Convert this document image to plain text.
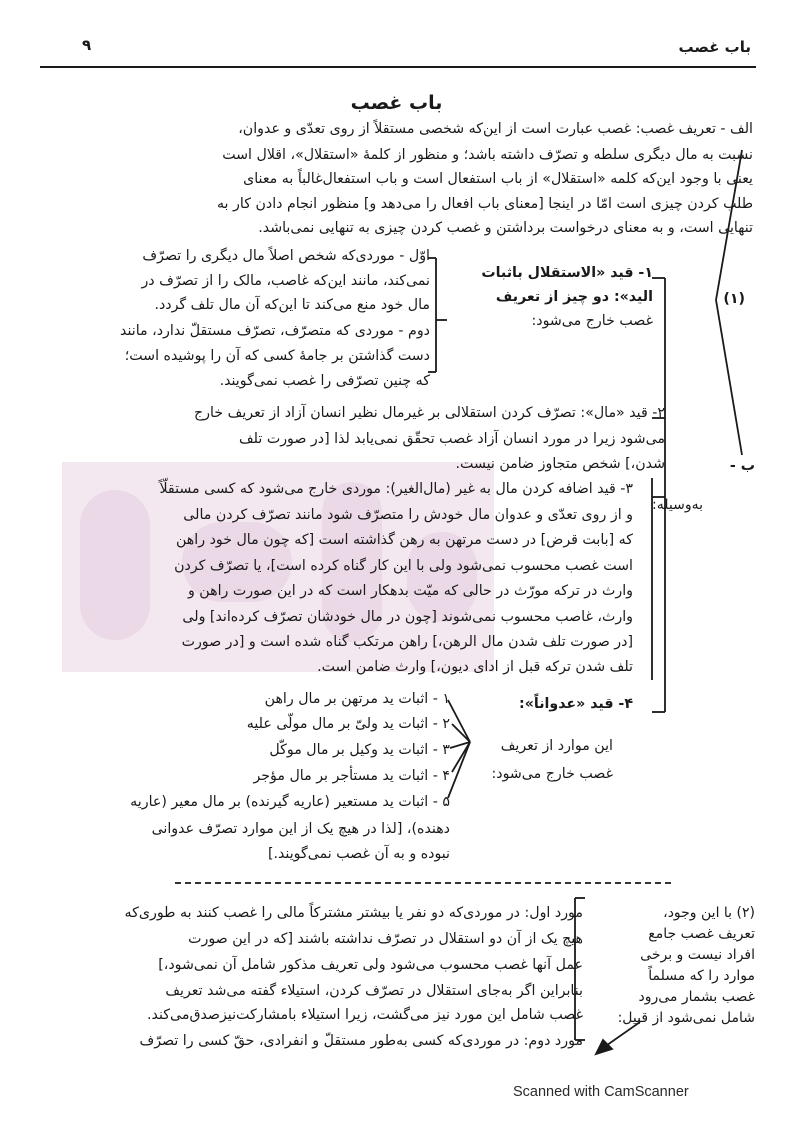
باب غصب
۹
باب غصب
الف - تعریف غصب: غصب عبارت است از این‌که شخصی مستقلاً از روی تعدّی و عدوان،
نسبت به مال دیگری سلطه و تصرّف داشته باشد؛ و منظور از کلمهٔ «استقلال»، اقلال است
یعنی با وجود این‌که کلمه «استقلال» از باب استفعال است و باب استفعال‌غالباً به معنای
طلب کردن چیزی است امّا در اینجا [معنای باب افعال را می‌دهد و] منظور انجام دادن کار به
تنهایی است، و به معنای درخواست برداشتن و غصب کردن چیزی به تنهایی نمی‌باشد.
(۱)
ب -
به‌وسیله:
۱- قید «الاستقلال باثبات
الید»: دو چیز از تعریف
غصب خارج می‌شود:
اوّل - موردی‌که شخص اصلاً مال دیگری را تصرّف
نمی‌کند، مانند این‌که غاصب، مالک را از تصرّف در
مال خود منع می‌کند تا این‌که آن مال تلف گردد.
دوم - موردی که متصرّف، تصرّف مستقلّ ندارد، مانند
دست گذاشتن بر جامهٔ کسی که آن را پوشیده است؛
که چنین تصرّفی را غصب نمی‌گویند.
۲- قید «مال»: تصرّف کردن استقلالی بر غیرمال نظیر انسان آزاد از تعریف خارج
می‌شود زیرا در مورد انسان آزاد غصب تحقّق نمی‌یابد لذا [در صورت تلف
شدن،] شخص متجاوز ضامن نیست.
۳- قید اضافه کردن مال به غیر (مال‌الغیر): موردی خارج می‌شود که کسی مستقلّاً
و از روی تعدّی و عدوان مال خودش را متصرّف شود مانند تصرّف کردن مالی
که [بابت قرض] در دست مرتهن به رهن گذاشته است [که چون مال خود راهن
است غصب محسوب نمی‌شود ولی با این کار گناه کرده است]، یا تصرّف کردن
وارث در ترکه مورّث در حالی که میّت بدهکار است که در این صورت راهن و
وارث، غاصب محسوب نمی‌شوند [چون در مال خودشان تصرّف کرده‌اند] ولی
[در صورت تلف شدن مال الرهن،] راهن مرتکب گناه شده است و [در صورت
تلف شدن ترکه قبل از ادای دیون،] وارث ضامن است.
۴- قید «عدواناً»:
این موارد از تعریف
غصب خارج می‌شود:
۱ - اثبات ید مرتهن بر مال راهن
۲ - اثبات ید ولیّ بر مال مولّی علیه
۳ - اثبات ید وکیل بر مال موکّل
۴ - اثبات ید مستأجر بر مال مؤجر
۵ - اثبات ید مستعیر (عاریه گیرنده) بر مال معیر (عاریه
دهنده)، [لذا در هیچ یک از این موارد تصرّف عدوانی
نبوده و به آن غصب نمی‌گویند.]
(۲) با این وجود،
تعریف غصب جامع
افراد نیست و برخی
موارد را که مسلماً
غصب بشمار می‌رود
شامل نمی‌شود از قبیل:
مورد اول: در موردی‌که دو نفر یا بیشتر مشترکاً مالی را غصب کنند به طوری‌که
هیچ یک از آن دو استقلال در تصرّف نداشته باشند [که در این صورت
عمل آنها غصب محسوب می‌شود ولی تعریف مذکور شامل آن نمی‌شود،]
بنابراین اگر به‌جای استقلال در تصرّف کردن، استیلاء گفته می‌شد تعریف
غصب شامل این مورد نیز می‌گشت، زیرا استیلاء بامشارکت‌نیزصدق‌می‌کند.
مورد دوم: در موردی‌که کسی به‌طور مستقلّ و انفرادی، حقّ کسی را تصرّف
Scanned with CamScanner
